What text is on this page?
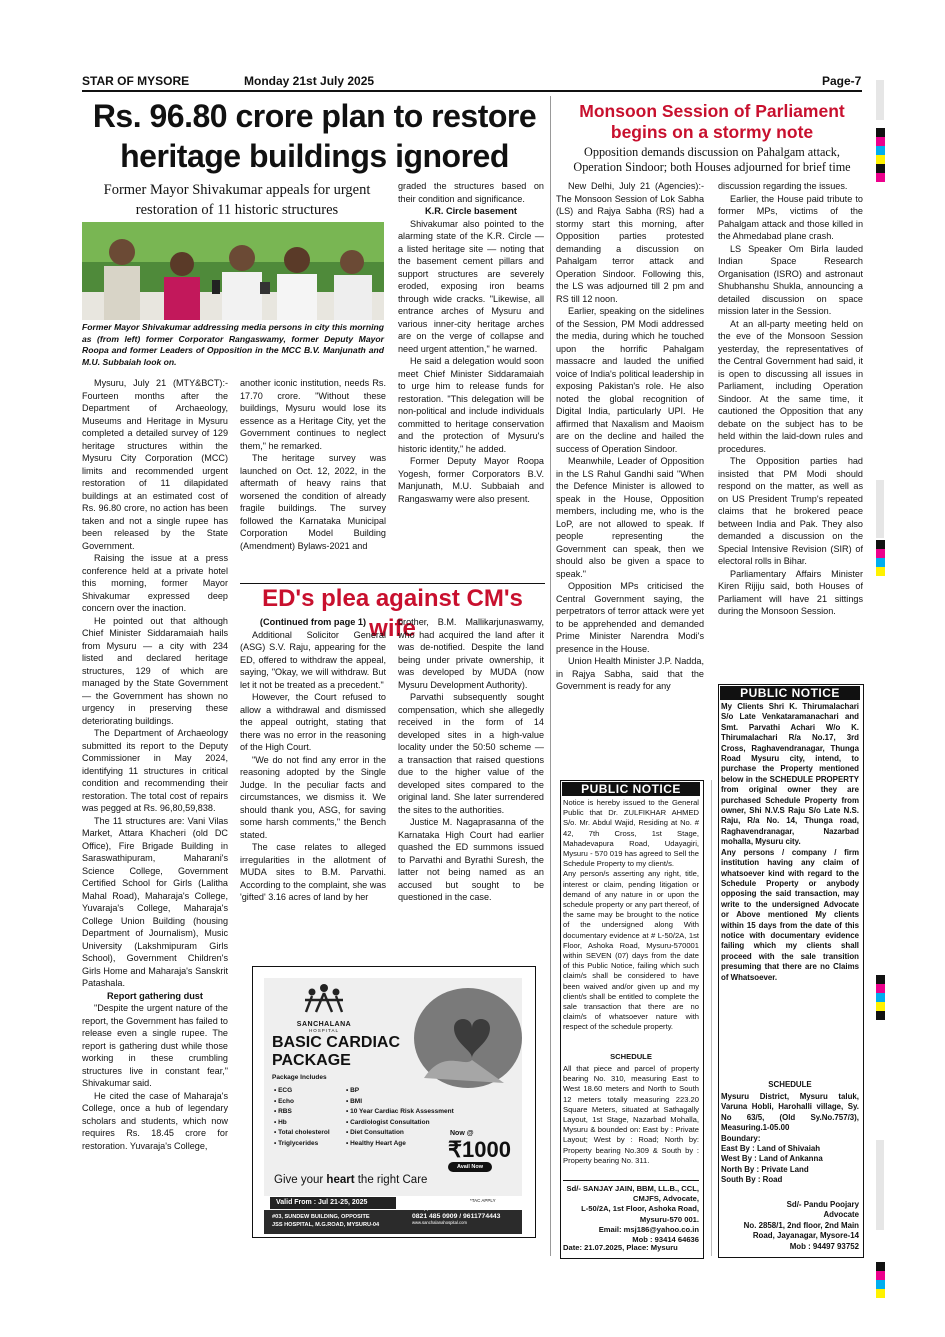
STAR OF MYSORE	Monday 21st July 2025	Page-7
Rs. 96.80 crore plan to restore
heritage buildings ignored
Former Mayor Shivakumar appeals for urgent
restoration of 11 historic structures
Former Mayor Shivakumar addressing media persons in city this morning as (from left) former Corporator Rangaswamy, former Deputy Mayor Roopa and former Leaders of Opposition in the MCC B.V. Manjunath and M.U. Subbaiah look on.

Mysuru, July 21 (MTY&BCT):- Fourteen months after the Department of Archaeology, Museums and Heritage in Mysuru completed a detailed survey of 129 heritage structures within the Mysuru City Corporation (MCC) limits and recommended urgent restoration of 11 dilapidated buildings at an estimated cost of Rs. 96.80 crore, no action has been taken and not a single rupee has been released by the State Government.

Raising the issue at a press conference held at a private hotel this morning, former Mayor Shivakumar expressed deep concern over the inaction.

He pointed out that although Chief Minister Siddaramaiah hails from Mysuru — a city with 234 listed and declared heritage structures, 129 of which are managed by the State Government — the Government has shown no urgency in preserving these deteriorating buildings.

The Department of Archaeology submitted its report to the Deputy Commissioner in May 2024, identifying 11 structures in critical condition and recommending their restoration. The total cost of repairs was pegged at Rs. 96,80,59,838.

The 11 structures are: Vani Vilas Market, Attara Khacheri (old DC Office), Fire Brigade Building in Saraswathipuram, Maharani's Science College, Government Certified School for Girls (Lalitha Mahal Road), Maharaja's College, Yuvaraja's College, Maharaja's College Union Building (housing Department of Journalism), Music University (Lakshmipuram Girls School), Government Children's Girls Home and Maharaja's Sanskrit Patashala.

Report gathering dust

"Despite the urgent nature of the report, the Government has failed to release even a single rupee. The report is gathering dust while those working in these crumbling structures live in constant fear," Shivakumar said.

He cited the case of Maharaja's College, once a hub of legendary scholars and students, which now requires Rs. 18.45 crore for restoration. Yuvaraja's College,

another iconic institution, needs Rs. 17.70 crore. "Without these buildings, Mysuru would lose its essence as a Heritage City, yet the Government continues to neglect them," he remarked.

The heritage survey was launched on Oct. 12, 2022, in the aftermath of heavy rains that worsened the condition of already fragile buildings. The survey followed the Karnataka Municipal Corporation Model Building (Amendment) Bylaws-2021 and

graded the structures based on their condition and significance.

K.R. Circle basement

Shivakumar also pointed to the alarming state of the K.R. Circle — a listed heritage site — noting that the basement cement pillars and support structures are severely eroded, exposing iron beams through wide cracks. "Likewise, all entrance arches of Mysuru and various inner-city heritage arches are on the verge of collapse and need urgent attention," he warned.

He said a delegation would soon meet Chief Minister Siddaramaiah to urge him to release funds for restoration. "This delegation will be non-political and include individuals committed to heritage conservation and the protection of Mysuru's historic identity," he added.

Former Deputy Mayor Roopa Yogesh, former Corporators B.V. Manjunath, M.U. Subbaiah and Rangaswamy were also present.

ED's plea against CM's wife
(Continued from page 1)

Additional Solicitor General (ASG) S.V. Raju, appearing for the ED, offered to withdraw the appeal, saying, "Okay, we will withdraw. But let it not be treated as a precedent."

However, the Court refused to allow a withdrawal and dismissed the appeal outright, stating that there was no error in the reasoning of the High Court.

"We do not find any error in the reasoning adopted by the Single Judge. In the peculiar facts and circumstances, we dismiss it. We should thank you, ASG, for saving some harsh comments," the Bench stated.

The case relates to alleged irregularities in the allotment of MUDA sites to B.M. Parvathi. According to the complaint, she was 'gifted' 3.16 acres of land by her

brother, B.M. Mallikarjunaswamy, who had acquired the land after it was de-notified. Despite the land being under private ownership, it was developed by MUDA (now Mysuru Development Authority).

Parvathi subsequently sought compensation, which she allegedly received in the form of 14 developed sites in a high-value locality under the 50:50 scheme — a transaction that raised questions due to the higher value of the developed sites compared to the original land. She later surrendered the sites to the authorities.

Justice M. Nagaprasanna of the Karnataka High Court had earlier quashed the ED summons issued to Parvathi and Byrathi Suresh, the latter not being named as an accused but sought to be questioned in the case.

SANCHALANA
HOSPITAL
BASIC CARDIAC
PACKAGE
Package Includes
• ECG
• Echo
• RBS
• Hb
• Total cholesterol
• Triglycerides
• BP
• BMI
• 10 Year Cardiac Risk Assessment
• Cardiologist Consultation
• Diet Consultation
• Healthy Heart Age
Now @
₹1000
Avail Now
Give your heart the right Care
*TAC APPLY
Valid From : Jul 21-25, 2025
#03, SUNDEW BUILDING, OPPOSITE
JSS HOSPITAL, M.G.ROAD, MYSURU-04
For Appointments
0821 485 0909 / 9611774443
www.sanchalanahospital.com
Monsoon Session of Parliament
begins on a stormy note
Opposition demands discussion on Pahalgam attack,
Operation Sindoor; both Houses adjourned for brief time

New Delhi, July 21 (Agencies):- The Monsoon Session of Lok Sabha (LS) and Rajya Sabha (RS) had a stormy start this morning, after Opposition parties protested demanding a discussion on Pahalgam terror attack and Operation Sindoor. Following this, the LS was adjourned till 2 pm and RS till 12 noon.

Earlier, speaking on the sidelines of the Session, PM Modi addressed the media, during which he touched upon the horrific Pahalgam massacre and lauded the unified voice of India's political leadership in exposing Pakistan's role. He also noted the global recognition of Digital India, particularly UPI. He affirmed that Naxalism and Maoism are on the decline and hailed the success of Operation Sindoor.

Meanwhile, Leader of Opposition in the LS Rahul Gandhi said "When the Defence Minister is allowed to speak in the House, Opposition members, including me, who is the LoP, are not allowed to speak. If people representing the Government can speak, then we should also be given a space to speak."

Opposition MPs criticised the Central Government saying, the perpetrators of terror attack were yet to be apprehended and demanded Prime Minister Narendra Modi's presence in the House.

Union Health Minister J.P. Nadda, in Rajya Sabha, said that the Government is ready for any

discussion regarding the issues.

Earlier, the House paid tribute to former MPs, victims of the Pahalgam attack and those killed in the Ahmedabad plane crash.

LS Speaker Om Birla lauded Indian Space Research Organisation (ISRO) and astronaut Shubhanshu Shukla, announcing a detailed discussion on space mission later in the Session.

At an all-party meeting held on the eve of the Monsoon Session yesterday, the representatives of the Central Government had said, it is open to discussing all issues in Parliament, including Operation Sindoor. At the same time, it cautioned the Opposition that any debate on the subject has to be held within the laid-down rules and procedures.

The Opposition parties had insisted that PM Modi should respond on the matter, as well as on US President Trump's repeated claims that he brokered peace between India and Pak. They also demanded a discussion on the Special Intensive Revision (SIR) of electoral rolls in Bihar.

Parliamentary Affairs Minister Kiren Rijiju said, both Houses of Parliament will have 21 sittings during the Monsoon Session.

PUBLIC NOTICE

Notice is hereby issued to the General Public that Dr. ZULFIKHAR AHMED S/o. Mr. Abdul Wajid, Residing at No. # 42, 7th Cross, 1st Stage, Mahadevapura Road, Udayagiri, Mysuru - 570 019 has agreed to Sell the Schedule Property to my client/s.

Any person/s asserting any right, title, interest or claim, pending litigation or demand of any nature in or upon the schedule property or any part thereof, of the same may be brought to the notice of the undersigned along With documentary evidence at # L-50/2A, 1st Floor, Ashoka Road, Mysuru-570001 within SEVEN (07) days from the date of this Public Notice, failing which such claim/s shall be considered to have been waived and/or given up and my client/s shall be entitled to complete the sale transaction that there are no claim/s of whatsoever nature with respect of the schedule property.

SCHEDULE
All that piece and parcel of property bearing No. 310, measuring East to West 18.60 meters and North to South 12 meters totally measuring 223.20 Square Meters, situated at Sathagally Layout, 1st Stage, Nazarbad Mohalla, Mysuru & bounded on: East by : Private Layout; West by : Road; North by: Property bearing No.309 & South by : Property bearing No. 311.
Sd/- SANJAY JAIN, BBM, LL.B., CCL, CMJFS, Advocate,
L-50/2A, 1st Floor, Ashoka Road, Mysuru-570 001.
Email: msj186@yahoo.co.in
Mob : 93414 64636
Date: 21.07.2025, Place: Mysuru
PUBLIC NOTICE

My Clients Shri K. Thirumalachari S/o Late Venkataramanachari and Smt. Parvathi Achari W/o K. Thirumalachari R/a No.17, 3rd Cross, Raghavendranagar, Thunga Road Mysuru city, intend, to purchase the Property mentioned below in the SCHEDULE PROPERTY from original owner they are purchased Schedule Property from owner, Shi N.V.S Raju S/o Late N.S. Raju, R/a No. 14, Thunga road, Raghavendranagar, Nazarbad mohalla, Mysuru city.

Any persons / company / firm institution having any claim of whatsoever kind with regard to the Schedule Property or anybody opposing the said transaction, may write to the undersigned Advocate or Above mentioned My clients within 15 days from the date of this notice with documentary evidence failing which my clients shall proceed with the sale transition presuming that there are no Claims of Whatsoever.

SCHEDULE
Mysuru District, Mysuru taluk, Varuna Hobli, Harohalli village, Sy. No 63/5, (Old Sy.No.757/3), Measuring.1-05.00
Boundary:
East By : Land of Shivaiah
West By : Land of Ankanna
North By : Private Land
South By : Road
Sd/- Pandu Poojary
Advocate
No. 2858/1, 2nd floor, 2nd Main Road, Jayanagar, Mysore-14
Mob : 94497 93752
